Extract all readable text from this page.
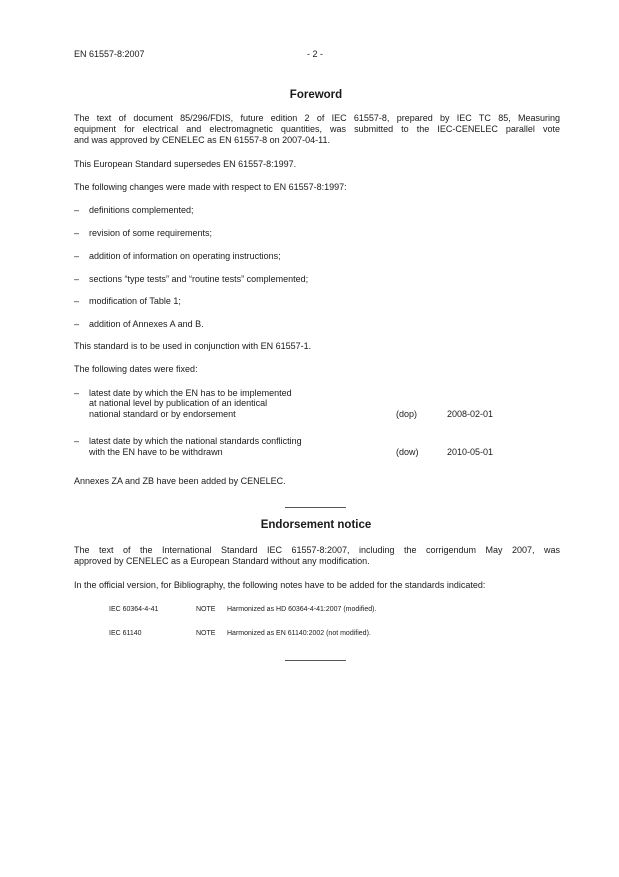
EN 61557-8:2007	- 2 -
Foreword
The text of document 85/296/FDIS, future edition 2 of IEC 61557-8, prepared by IEC TC 85, Measuring
equipment for electrical and electromagnetic quantities, was submitted to the IEC-CENELEC parallel vote
and was approved by CENELEC as EN 61557-8 on 2007-04-11.
This European Standard supersedes EN 61557-8:1997.
The following changes were made with respect to EN 61557-8:1997:
– definitions complemented;
– revision of some requirements;
– addition of information on operating instructions;
– sections “type tests” and “routine tests” complemented;
– modification of Table 1;
– addition of Annexes A and B.
This standard is to be used in conjunction with EN 61557-1.
The following dates were fixed:
– latest date by which the EN has to be implemented
at national level by publication of an identical
national standard or by endorsement	(dop)	2008-02-01
– latest date by which the national standards conflicting
with the EN have to be withdrawn	(dow)	2010-05-01
Annexes ZA and ZB have been added by CENELEC.
Endorsement notice
The text of the International Standard IEC 61557-8:2007, including the corrigendum May 2007, was
approved by CENELEC as a European Standard without any modification.
In the official version, for Bibliography, the following notes have to be added for the standards indicated:
IEC 60364-4-41	NOTE Harmonized as HD 60364-4-41:2007 (modified).
IEC 61140	NOTE Harmonized as EN 61140:2002 (not modified).
